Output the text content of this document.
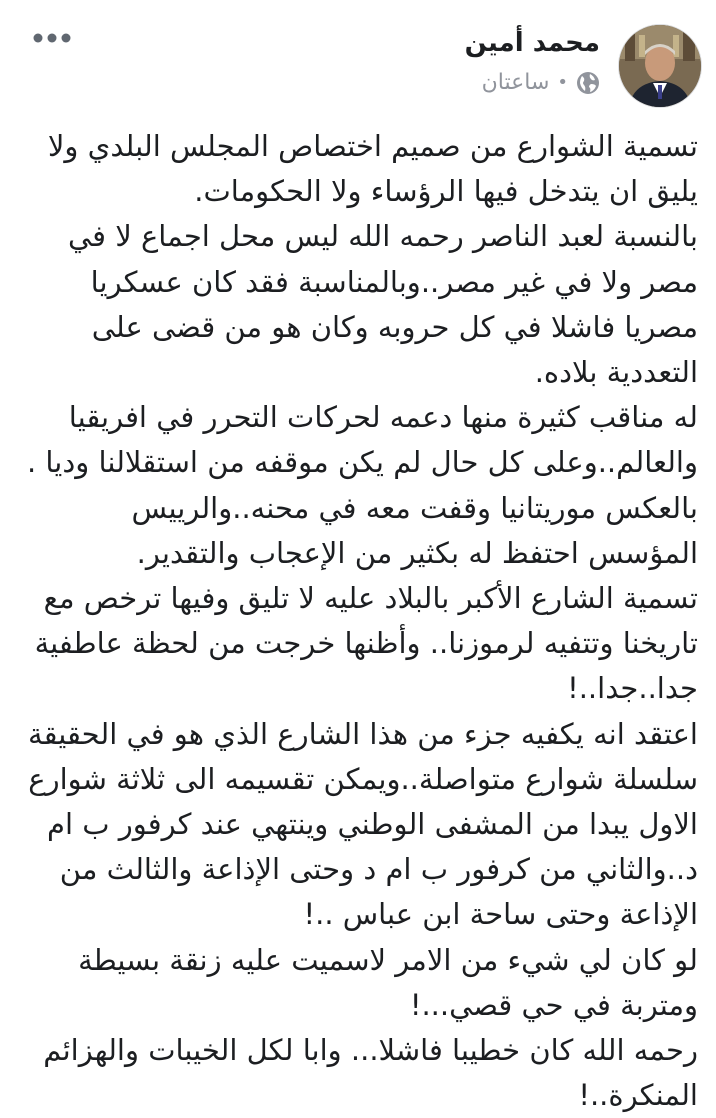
محمد أمين
ساعتان •

تسمية الشوارع من صميم اختصاص المجلس البلدي ولا يليق ان يتدخل فيها الرؤساء ولا الحكومات.

بالنسبة لعبد الناصر رحمه الله ليس محل اجماع لا في مصر ولا في غير مصر..وبالمناسبة فقد كان عسكريا مصريا فاشلا في كل حروبه وكان هو من قضى على التعددية بلاده.

له مناقب كثيرة منها دعمه لحركات التحرر في افريقيا والعالم..وعلى كل حال لم يكن موقفه من استقلالنا وديا .

بالعكس موريتانيا وقفت معه في محنه..والرييس المؤسس احتفظ له بكثير من الإعجاب والتقدير.

تسمية الشارع الأكبر بالبلاد عليه لا تليق وفيها ترخص مع تاريخنا وتتفيه لرموزنا.. وأظنها خرجت من لحظة عاطفية جدا..جدا..!

اعتقد انه يكفيه جزء من هذا الشارع الذي هو في الحقيقة سلسلة شوارع متواصلة..ويمكن تقسيمه الى ثلاثة شوارع الاول يبدا من المشفى الوطني وينتهي عند كرفور ب ام د..والثاني من كرفور ب ام د وحتى الإذاعة والثالث من الإذاعة وحتى ساحة ابن عباس ..!

لو كان لي شيء من الامر لاسميت عليه زنقة بسيطة ومتربة في حي قصي...!

رحمه الله كان خطيبا فاشلا... وابا لكل الخيبات والهزائم المنكرة..!
